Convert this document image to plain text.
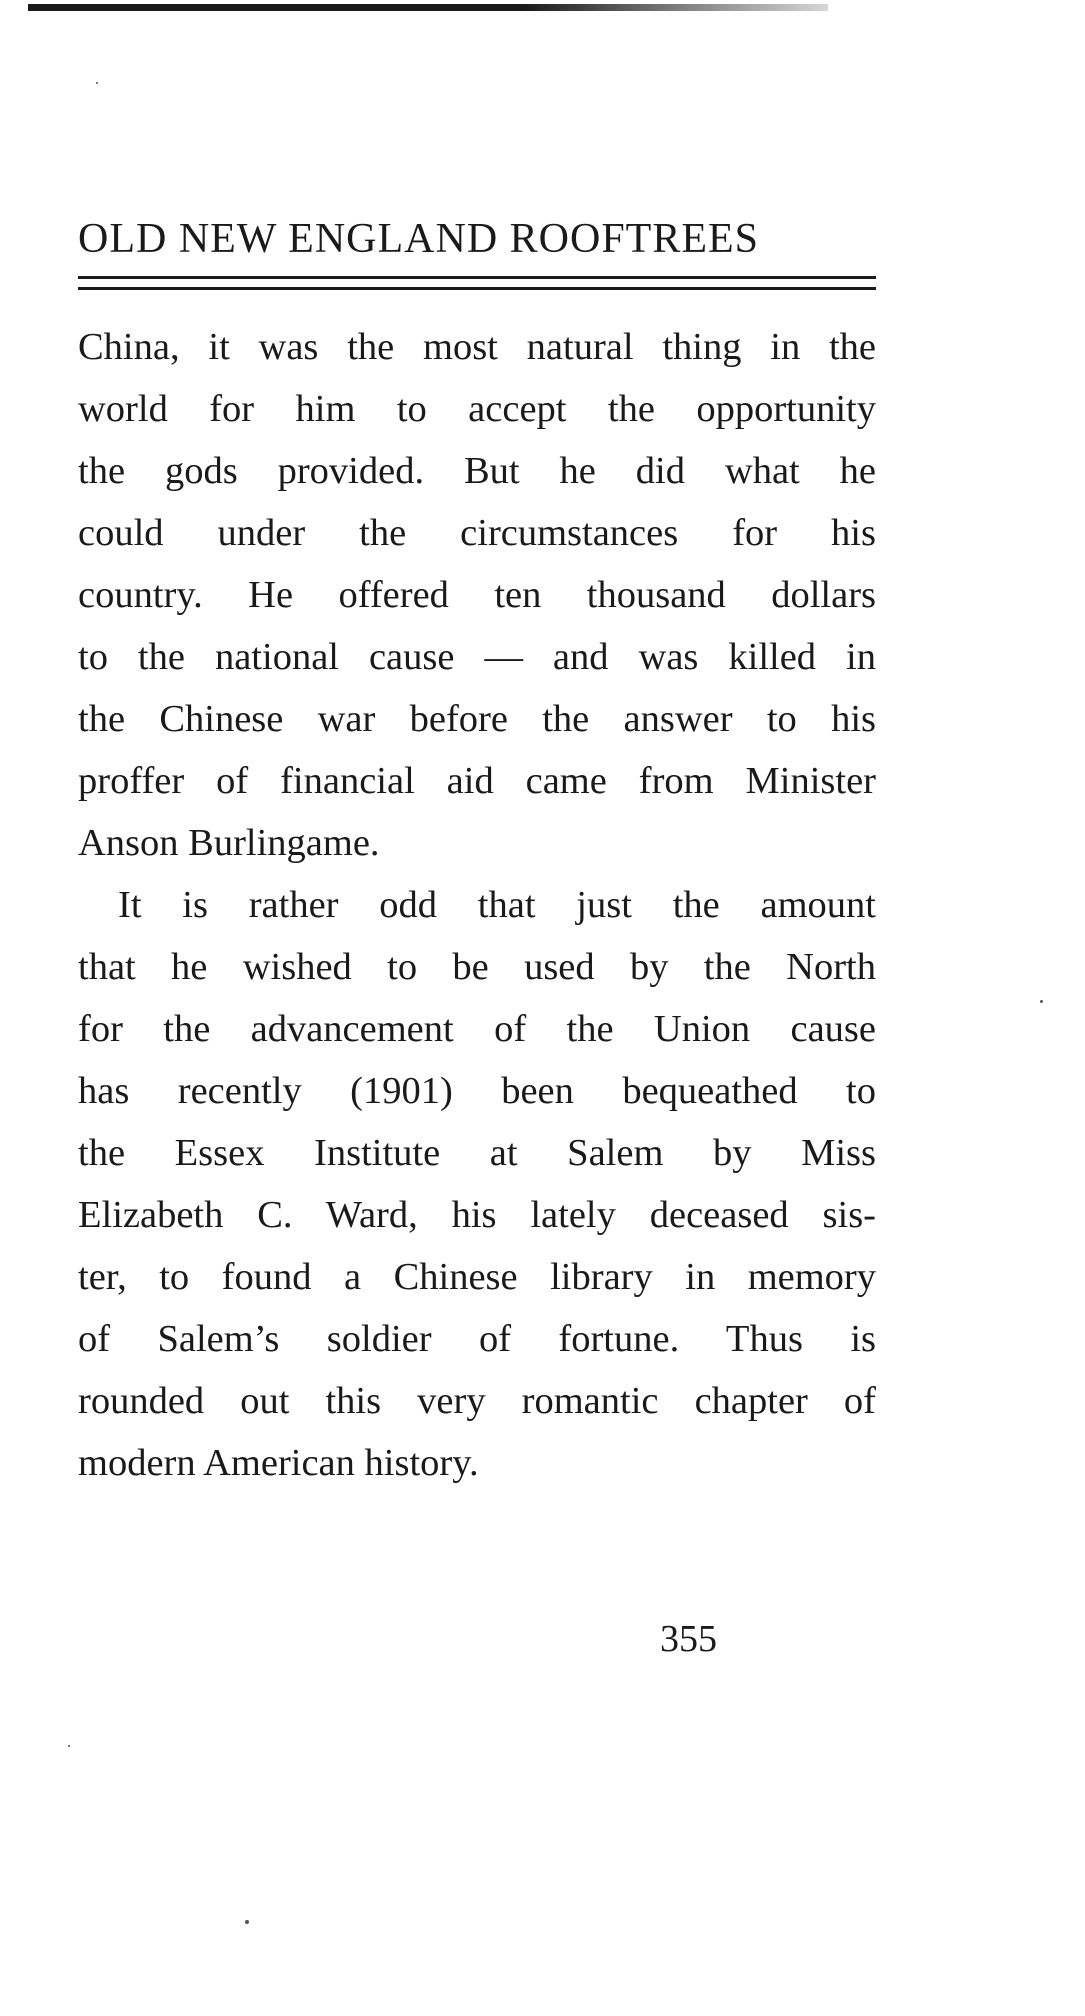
OLD NEW ENGLAND ROOFTREES
China, it was the most natural thing in the
world for him to accept the opportunity
the gods provided. But he did what he
could under the circumstances for his
country. He offered ten thousand dollars
to the national cause — and was killed in
the Chinese war before the answer to his
proffer of financial aid came from Minister
Anson Burlingame.
It is rather odd that just the amount
that he wished to be used by the North
for the advancement of the Union cause
has recently (1901) been bequeathed to
the Essex Institute at Salem by Miss
Elizabeth C. Ward, his lately deceased sis-
ter, to found a Chinese library in memory
of Salem’s soldier of fortune. Thus is
rounded out this very romantic chapter of
modern American history.
355
